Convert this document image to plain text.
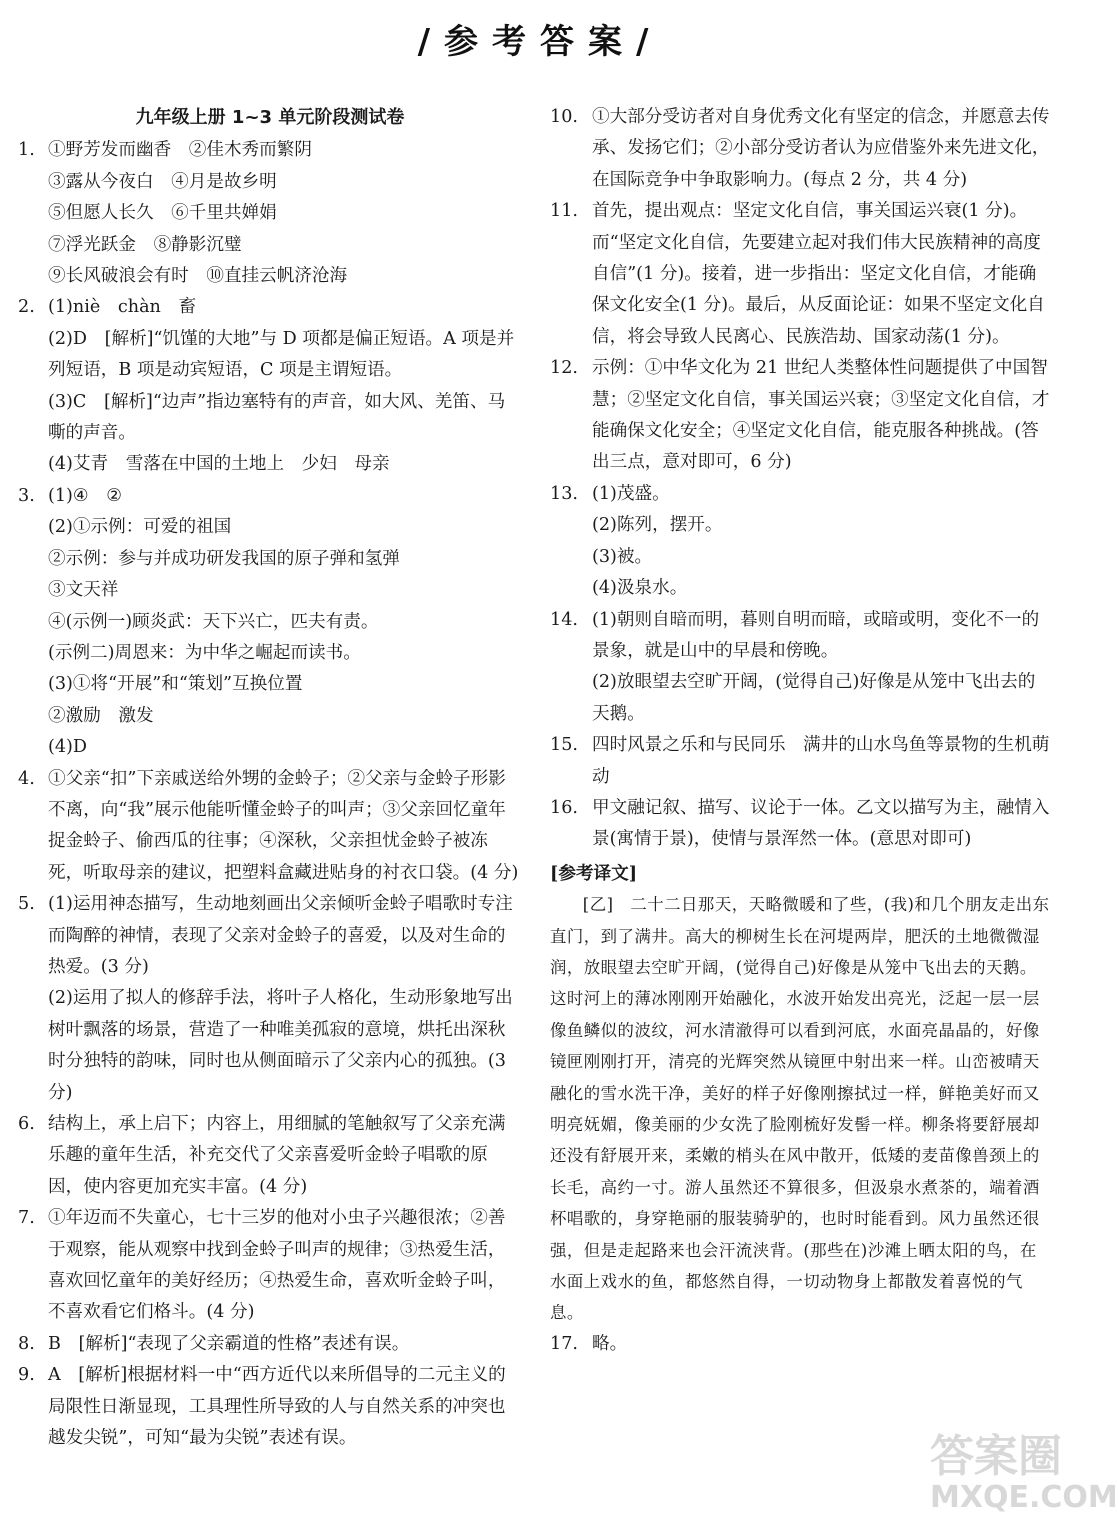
/参考答案/
九年级上册 1~3 单元阶段测试卷
1. ①野芳发而幽香　②佳木秀而繁阴
③露从今夜白　④月是故乡明
⑤但愿人长久　⑥千里共婵娟
⑦浮光跃金　⑧静影沉璧
⑨长风破浪会有时　⑩直挂云帆济沧海
2. (1)niè　chàn　畜
(2)D　[解析]“饥馑的大地”与 D 项都是偏正短语。A 项是并列短语，B 项是动宾短语，C 项是主谓短语。
(3)C　[解析]“边声”指边塞特有的声音，如大风、羌笛、马嘶的声音。
(4)艾青　雪落在中国的土地上　少妇　母亲
3. (1)④　②
(2)①示例：可爱的祖国
②示例：参与并成功研发我国的原子弹和氢弹
③文天祥
④(示例一)顾炎武：天下兴亡，匹夫有责。
(示例二)周恩来：为中华之崛起而读书。
(3)①将“开展”和“策划”互换位置
②激励　激发
(4)D
4. ①父亲“扣”下亲戚送给外甥的金蛉子；②父亲与金蛉子形影不离，向“我”展示他能听懂金蛉子的叫声；③父亲回忆童年捉金蛉子、偷西瓜的往事；④深秋，父亲担忧金蛉子被冻死，听取母亲的建议，把塑料盒藏进贴身的衬衣口袋。(4 分)
5. (1)运用神态描写，生动地刻画出父亲倾听金蛉子唱歌时专注而陶醉的神情，表现了父亲对金蛉子的喜爱，以及对生命的热爱。(3 分)
(2)运用了拟人的修辞手法，将叶子人格化，生动形象地写出树叶飘落的场景，营造了一种唯美孤寂的意境，烘托出深秋时分独特的韵味，同时也从侧面暗示了父亲内心的孤独。(3 分)
6. 结构上，承上启下；内容上，用细腻的笔触叙写了父亲充满乐趣的童年生活，补充交代了父亲喜爱听金蛉子唱歌的原因，使内容更加充实丰富。(4 分)
7. ①年迈而不失童心，七十三岁的他对小虫子兴趣很浓；②善于观察，能从观察中找到金蛉子叫声的规律；③热爱生活，喜欢回忆童年的美好经历；④热爱生命，喜欢听金蛉子叫，不喜欢看它们格斗。(4 分)
8. B　[解析]“表现了父亲霸道的性格”表述有误。
9. A　[解析]根据材料一中“西方近代以来所倡导的二元主义的局限性日渐显现，工具理性所导致的人与自然关系的冲突也越发尖锐”，可知“最为尖锐”表述有误。
10. ①大部分受访者对自身优秀文化有坚定的信念，并愿意去传承、发扬它们；②小部分受访者认为应借鉴外来先进文化，在国际竞争中争取影响力。(每点 2 分，共 4 分)
11. 首先，提出观点：坚定文化自信，事关国运兴衰(1 分)。而“坚定文化自信，先要建立起对我们伟大民族精神的高度自信”(1 分)。接着，进一步指出：坚定文化自信，才能确保文化安全(1 分)。最后，从反面论证：如果不坚定文化自信，将会导致人民离心、民族浩劫、国家动荡(1 分)。
12. 示例：①中华文化为 21 世纪人类整体性问题提供了中国智慧；②坚定文化自信，事关国运兴衰；③坚定文化自信，才能确保文化安全；④坚定文化自信，能克服各种挑战。(答出三点，意对即可，6 分)
13. (1)茂盛。
(2)陈列，摆开。
(3)被。
(4)汲泉水。
14. (1)朝则自暗而明，暮则自明而暗，或暗或明，变化不一的景象，就是山中的早晨和傍晚。
(2)放眼望去空旷开阔，(觉得自己)好像是从笼中飞出去的天鹅。
15. 四时风景之乐和与民同乐　满井的山水鸟鱼等景物的生机萌动
16. 甲文融记叙、描写、议论于一体。乙文以描写为主，融情入景(寓情于景)，使情与景浑然一体。(意思对即可)
[参考译文]
[乙]　二十二日那天，天略微暖和了些，(我)和几个朋友走出东直门，到了满井。高大的柳树生长在河堤两岸，肥沃的土地微微湿润，放眼望去空旷开阔，(觉得自己)好像是从笼中飞出去的天鹅。这时河上的薄冰刚刚开始融化，水波开始发出亮光，泛起一层一层像鱼鳞似的波纹，河水清澈得可以看到河底，水面亮晶晶的，好像镜匣刚刚打开，清亮的光辉突然从镜匣中射出来一样。山峦被晴天融化的雪水洗干净，美好的样子好像刚擦拭过一样，鲜艳美好而又明亮妩媚，像美丽的少女洗了脸刚梳好发髻一样。柳条将要舒展却还没有舒展开来，柔嫩的梢头在风中散开，低矮的麦苗像兽颈上的长毛，高约一寸。游人虽然还不算很多，但汲泉水煮茶的，端着酒杯唱歌的，身穿艳丽的服装骑驴的，也时时能看到。风力虽然还很强，但是走起路来也会汗流浃背。(那些在)沙滩上晒太阳的鸟，在水面上戏水的鱼，都悠然自得，一切动物身上都散发着喜悦的气息。
17. 略。
答案圈
MXQE.COM
